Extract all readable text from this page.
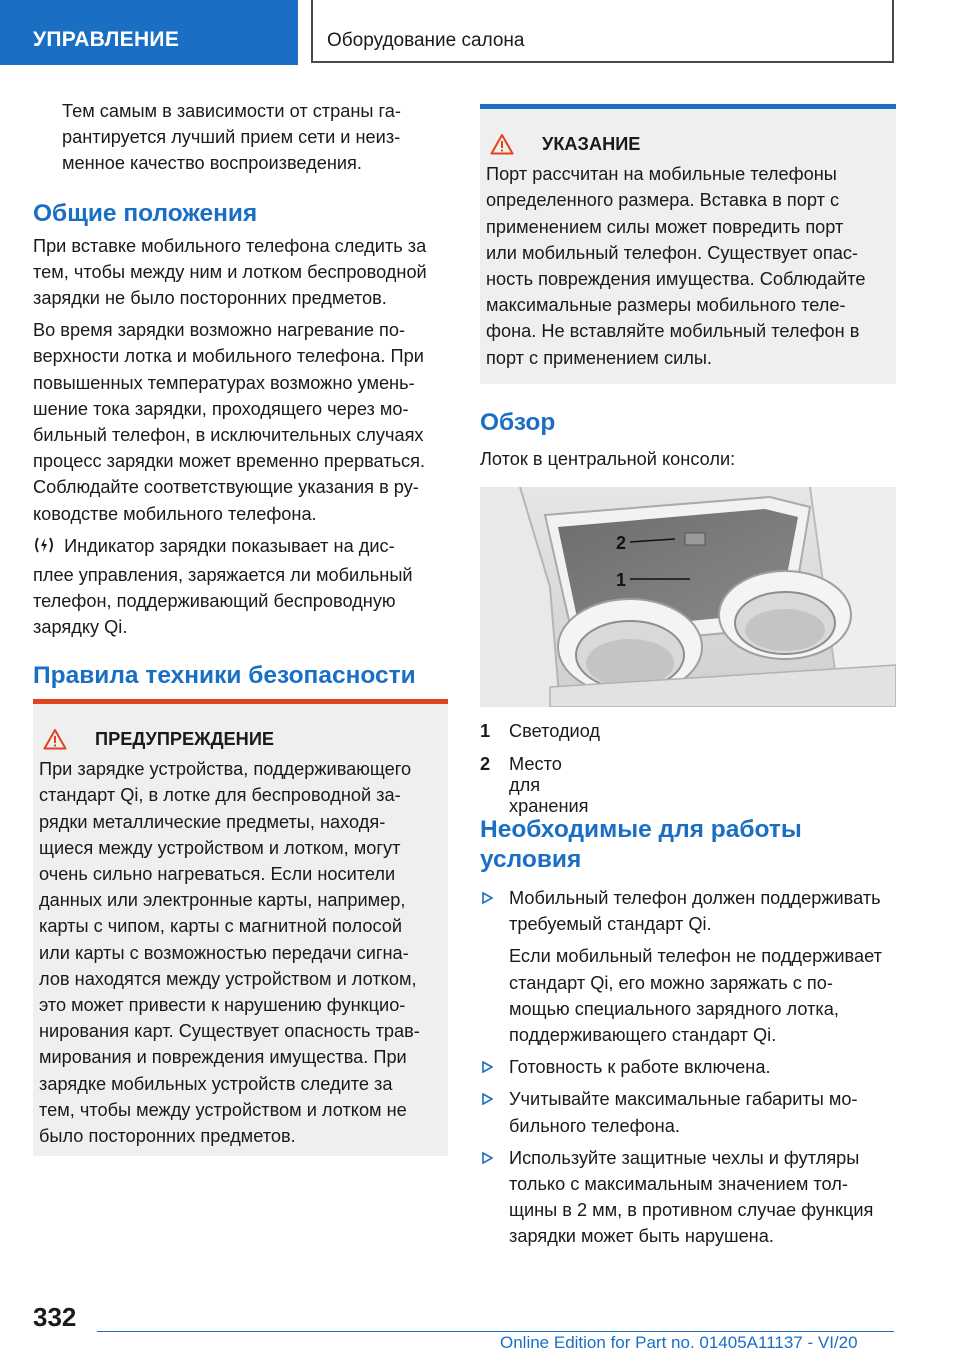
УПРАВЛЕНИЕ	Оборудование салона

Тем самым в зависимости от страны га-

рантируется лучший прием сети и неиз-

менное качество воспроизведения.

Общие положения

При вставке мобильного телефона следить за

тем, чтобы между ним и лотком беспроводной

зарядки не было посторонних предметов.

Во время зарядки возможно нагревание по-

верхности лотка и мобильного телефона. При

повышенных температурах возможно умень-

шение тока зарядки, проходящего через мо-

бильный телефон, в исключительных случаях

процесс зарядки может временно прерваться.

Соблюдайте соответствующие указания в ру-

ководстве мобильного телефона.

Индикатор зарядки показывает на дис-

плее управления, заряжается ли мобильный

телефон, поддерживающий беспроводную

зарядку Qi.

Правила техники безопасности
ПРЕДУПРЕЖДЕНИЕ

При зарядке устройства, поддерживающего

стандарт Qi, в лотке для беспроводной за-

рядки металлические предметы, находя-

щиеся между устройством и лотком, могут

очень сильно нагреваться. Если носители

данных или электронные карты, например,

карты с чипом, карты с магнитной полосой

или карты с возможностью передачи сигна-

лов находятся между устройством и лотком,

это может привести к нарушению функцио-

нирования карт. Существует опасность трав-

мирования и повреждения имущества. При

зарядке мобильных устройств следите за

тем, чтобы между устройством и лотком не

было посторонних предметов.

УКАЗАНИЕ

Порт рассчитан на мобильные телефоны

определенного размера. Вставка в порт с

применением силы может повредить порт

или мобильный телефон. Существует опас-

ность повреждения имущества. Соблюдайте

максимальные размеры мобильного теле-

фона. Не вставляйте мобильный телефон в

порт с применением силы.

Обзор

Лоток в центральной консоли:

2
1
1 Светодиод
2 Место для хранения
Необходимые для работы
условия

Мобильный телефон должен поддерживать

требуемый стандарт Qi.

Если мобильный телефон не поддерживает

стандарт Qi, его можно заряжать с по-

мощью специального зарядного лотка,

поддерживающего стандарт Qi.

Готовность к работе включена.

Учитывайте максимальные габариты мо-

бильного телефона.

Используйте защитные чехлы и футляры

только с максимальным значением тол-

щины в 2 мм, в противном случае функция

зарядки может быть нарушена.

332
Online Edition for Part no. 01405A11137 - VI/20
